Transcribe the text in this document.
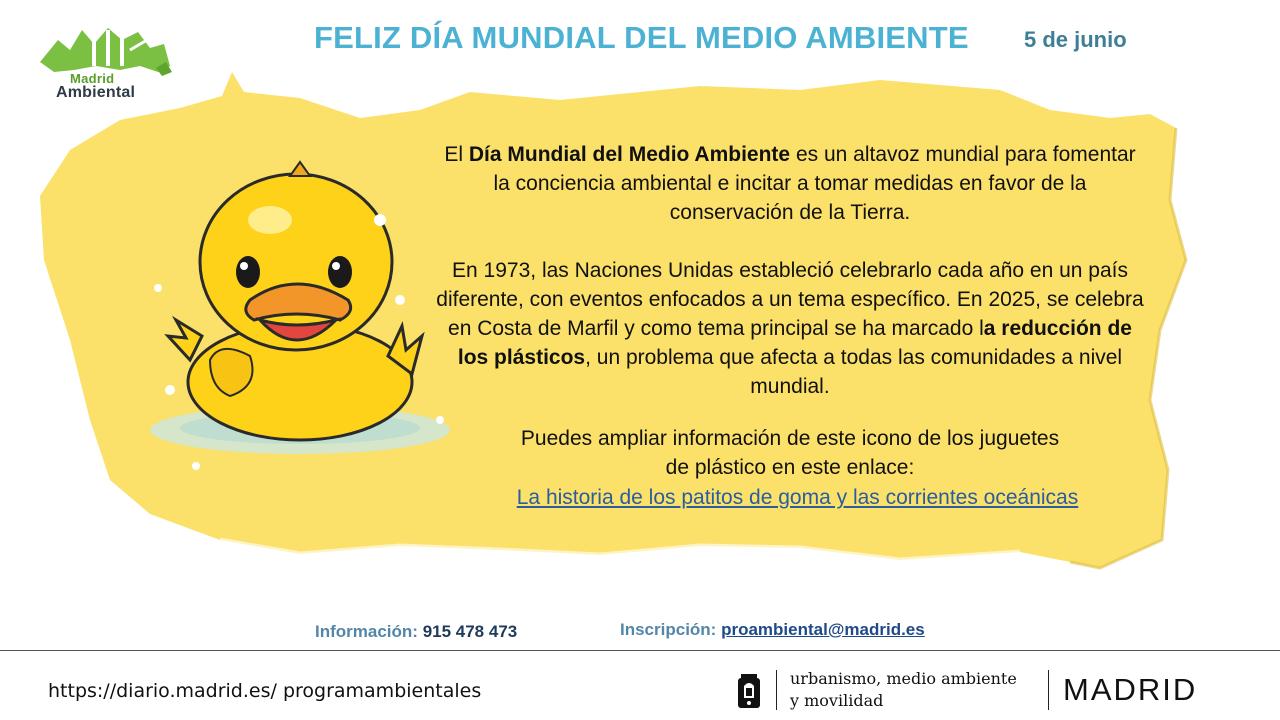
Madrid
Ambiental
FELIZ DÍA MUNDIAL DEL MEDIO AMBIENTE	5 de junio
El Día Mundial del Medio Ambiente es un altavoz mundial para fomentar la conciencia ambiental e incitar a tomar medidas en favor de la conservación de la Tierra.
En 1973, las Naciones Unidas estableció celebrarlo cada año en un país diferente, con eventos enfocados a un tema específico. En 2025, se celebra en Costa de Marfil y como tema principal se ha marcado la reducción de los plásticos, un problema que afecta a todas las comunidades a nivel mundial.
Puedes ampliar información de este icono de los juguetes
de plástico en este enlace:
La historia de los patitos de goma y las corrientes oceánicas
Información: 915 478 473	Inscripción: proambiental@madrid.es
https://diario.madrid.es/ programambientales
urbanismo, medio ambiente
y movilidad	MADRID
